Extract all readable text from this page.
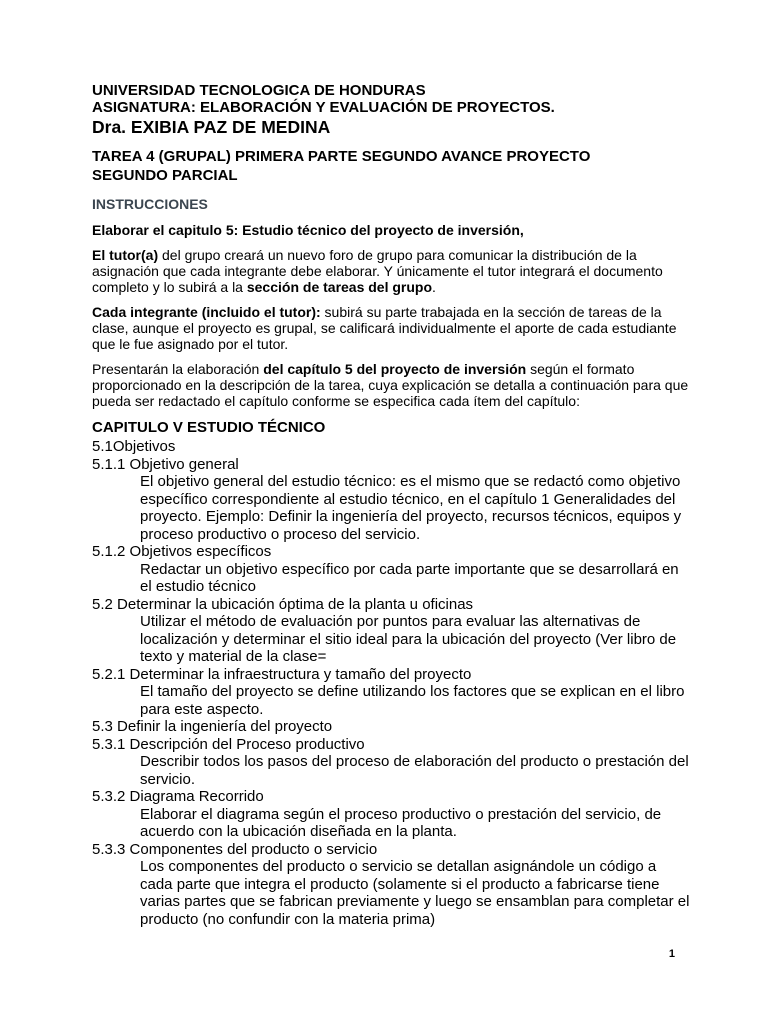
UNIVERSIDAD TECNOLOGICA DE HONDURAS

ASIGNATURA: ELABORACIÓN Y EVALUACIÓN DE PROYECTOS.

Dra. EXIBIA PAZ DE MEDINA

TAREA 4 (GRUPAL) PRIMERA PARTE SEGUNDO AVANCE PROYECTO
SEGUNDO PARCIAL

INSTRUCCIONES

Elaborar el capitulo 5: Estudio técnico del proyecto de inversión,

El tutor(a) del grupo creará un nuevo foro de grupo para comunicar la distribución de la asignación que cada integrante debe elaborar. Y únicamente el tutor integrará el documento completo y lo subirá a la sección de tareas del grupo.

Cada integrante (incluido el tutor): subirá su parte trabajada en la sección de tareas de la clase, aunque el proyecto es grupal, se calificará individualmente el aporte de cada estudiante que le fue asignado por el tutor.

Presentarán la elaboración del capítulo 5 del proyecto de inversión según el formato proporcionado en la descripción de la tarea, cuya explicación se detalla a continuación para que pueda ser redactado el capítulo conforme se especifica cada ítem del capítulo:

CAPITULO V ESTUDIO TÉCNICO

5.1Objetivos
5.1.1 Objetivo general
El objetivo general del estudio técnico: es el mismo que se redactó como objetivo específico correspondiente al estudio técnico, en el capítulo 1 Generalidades del proyecto. Ejemplo: Definir la ingeniería del proyecto, recursos técnicos, equipos y proceso productivo o proceso del servicio.
5.1.2 Objetivos específicos
Redactar un objetivo específico por cada parte importante que se desarrollará en el estudio técnico
5.2 Determinar la ubicación óptima de la planta u oficinas
Utilizar el método de evaluación por puntos para evaluar las alternativas de localización y determinar el sitio ideal para la ubicación del proyecto (Ver libro de texto y material de la clase=
5.2.1 Determinar la infraestructura y tamaño del proyecto
El tamaño del proyecto se define utilizando los factores que se explican en el libro para este aspecto.
5.3 Definir la ingeniería del proyecto
5.3.1 Descripción del Proceso productivo
Describir todos los pasos del proceso de elaboración del producto o prestación del servicio.
5.3.2 Diagrama Recorrido
Elaborar el diagrama según el proceso productivo o prestación del servicio, de acuerdo con la ubicación diseñada en la planta.
5.3.3 Componentes del producto o servicio
Los componentes del producto o servicio se detallan asignándole un código a cada parte que integra el producto (solamente si el producto a fabricarse tiene varias partes que se fabrican previamente y luego se ensamblan para completar el producto (no confundir con la materia prima)
1
